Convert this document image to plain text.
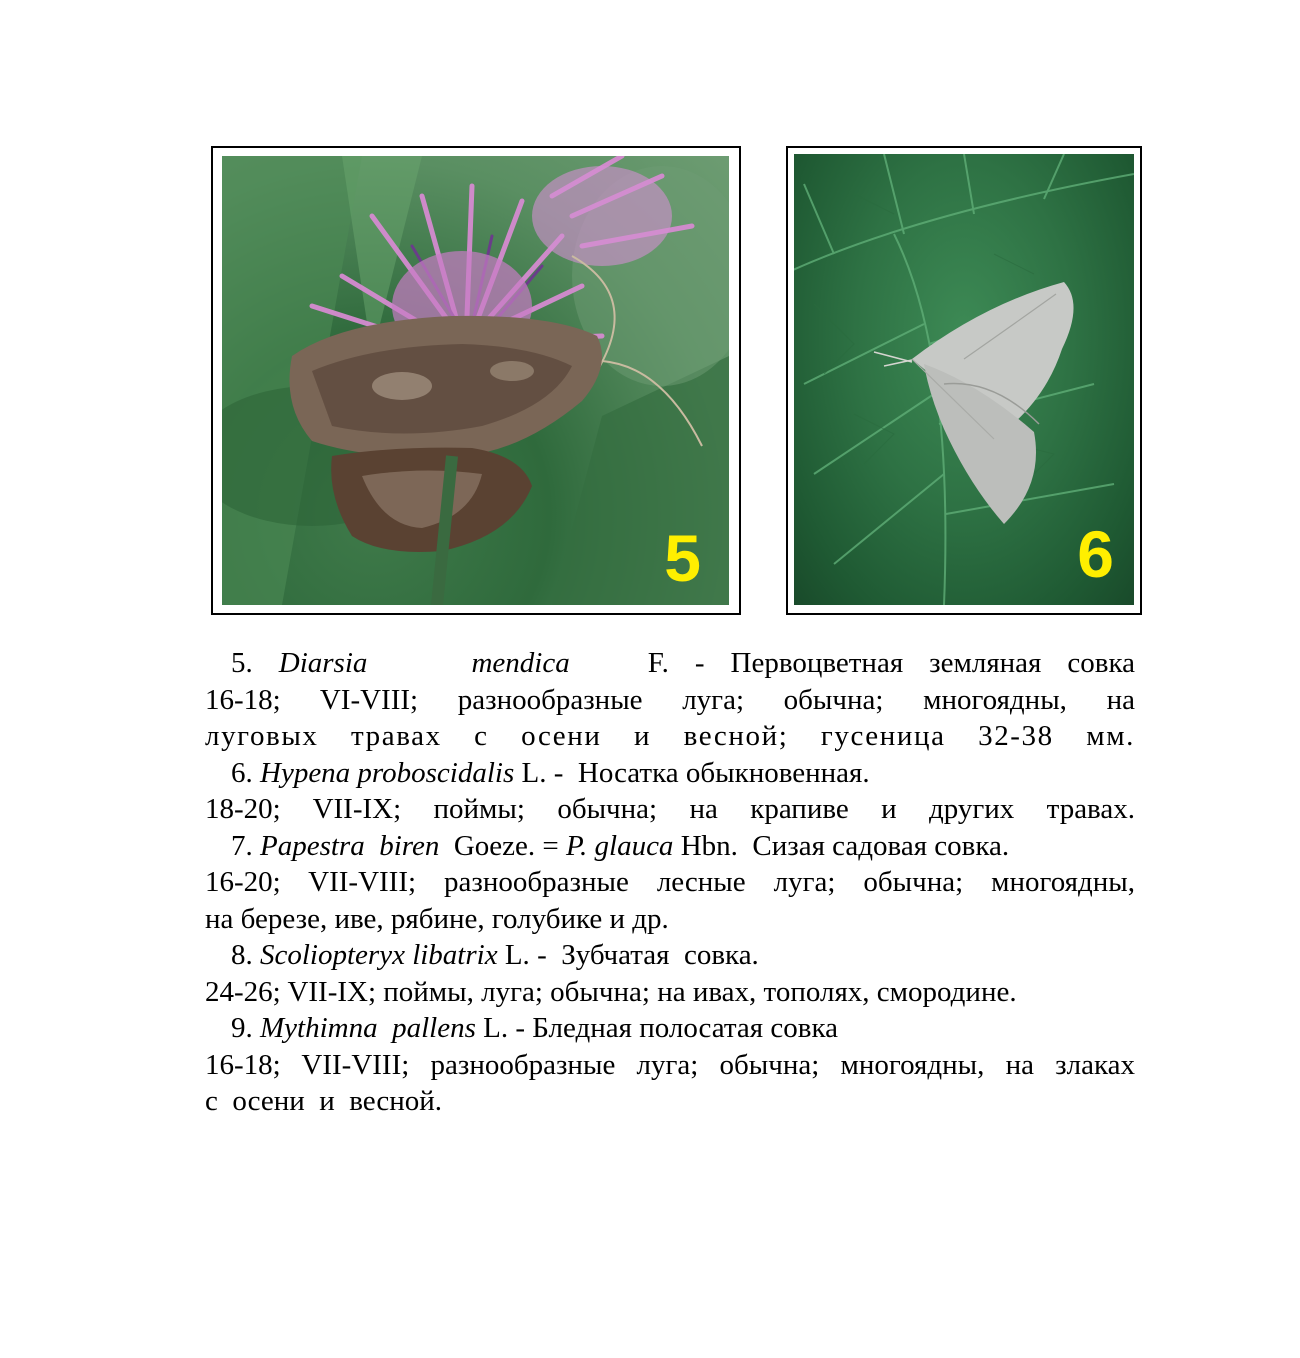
5	6

5. Diarsia	mendica	F. - Первоцветная земляная совка

16-18; VI-VIII; разнообразные луга; обычна; многоядны, на

луговых травах с осени и весной; гусеница 32-38 мм.

6. Hypena proboscidalis L. - Носатка обыкновенная.

18-20; VII-IX; поймы; обычна; на крапиве и других травах.

7. Papestra  biren Goeze. = P. glauca Hbn. Сизая садовая совка.

16-20; VII-VIII; разнообразные лесные луга; обычна; многоядны,

на березе, иве, рябине, голубике и др.

8. Scoliopteryx libatrix L. - Зубчатая  совка.

24-26; VII-IX; поймы, луга; обычна; на ивах, тополях, смородине.

9. Mythimna  pallens L. - Бледная полосатая совка

16-18; VII-VIII; разнообразные луга; обычна; многоядны, на злаках

с  осени  и  весной.
